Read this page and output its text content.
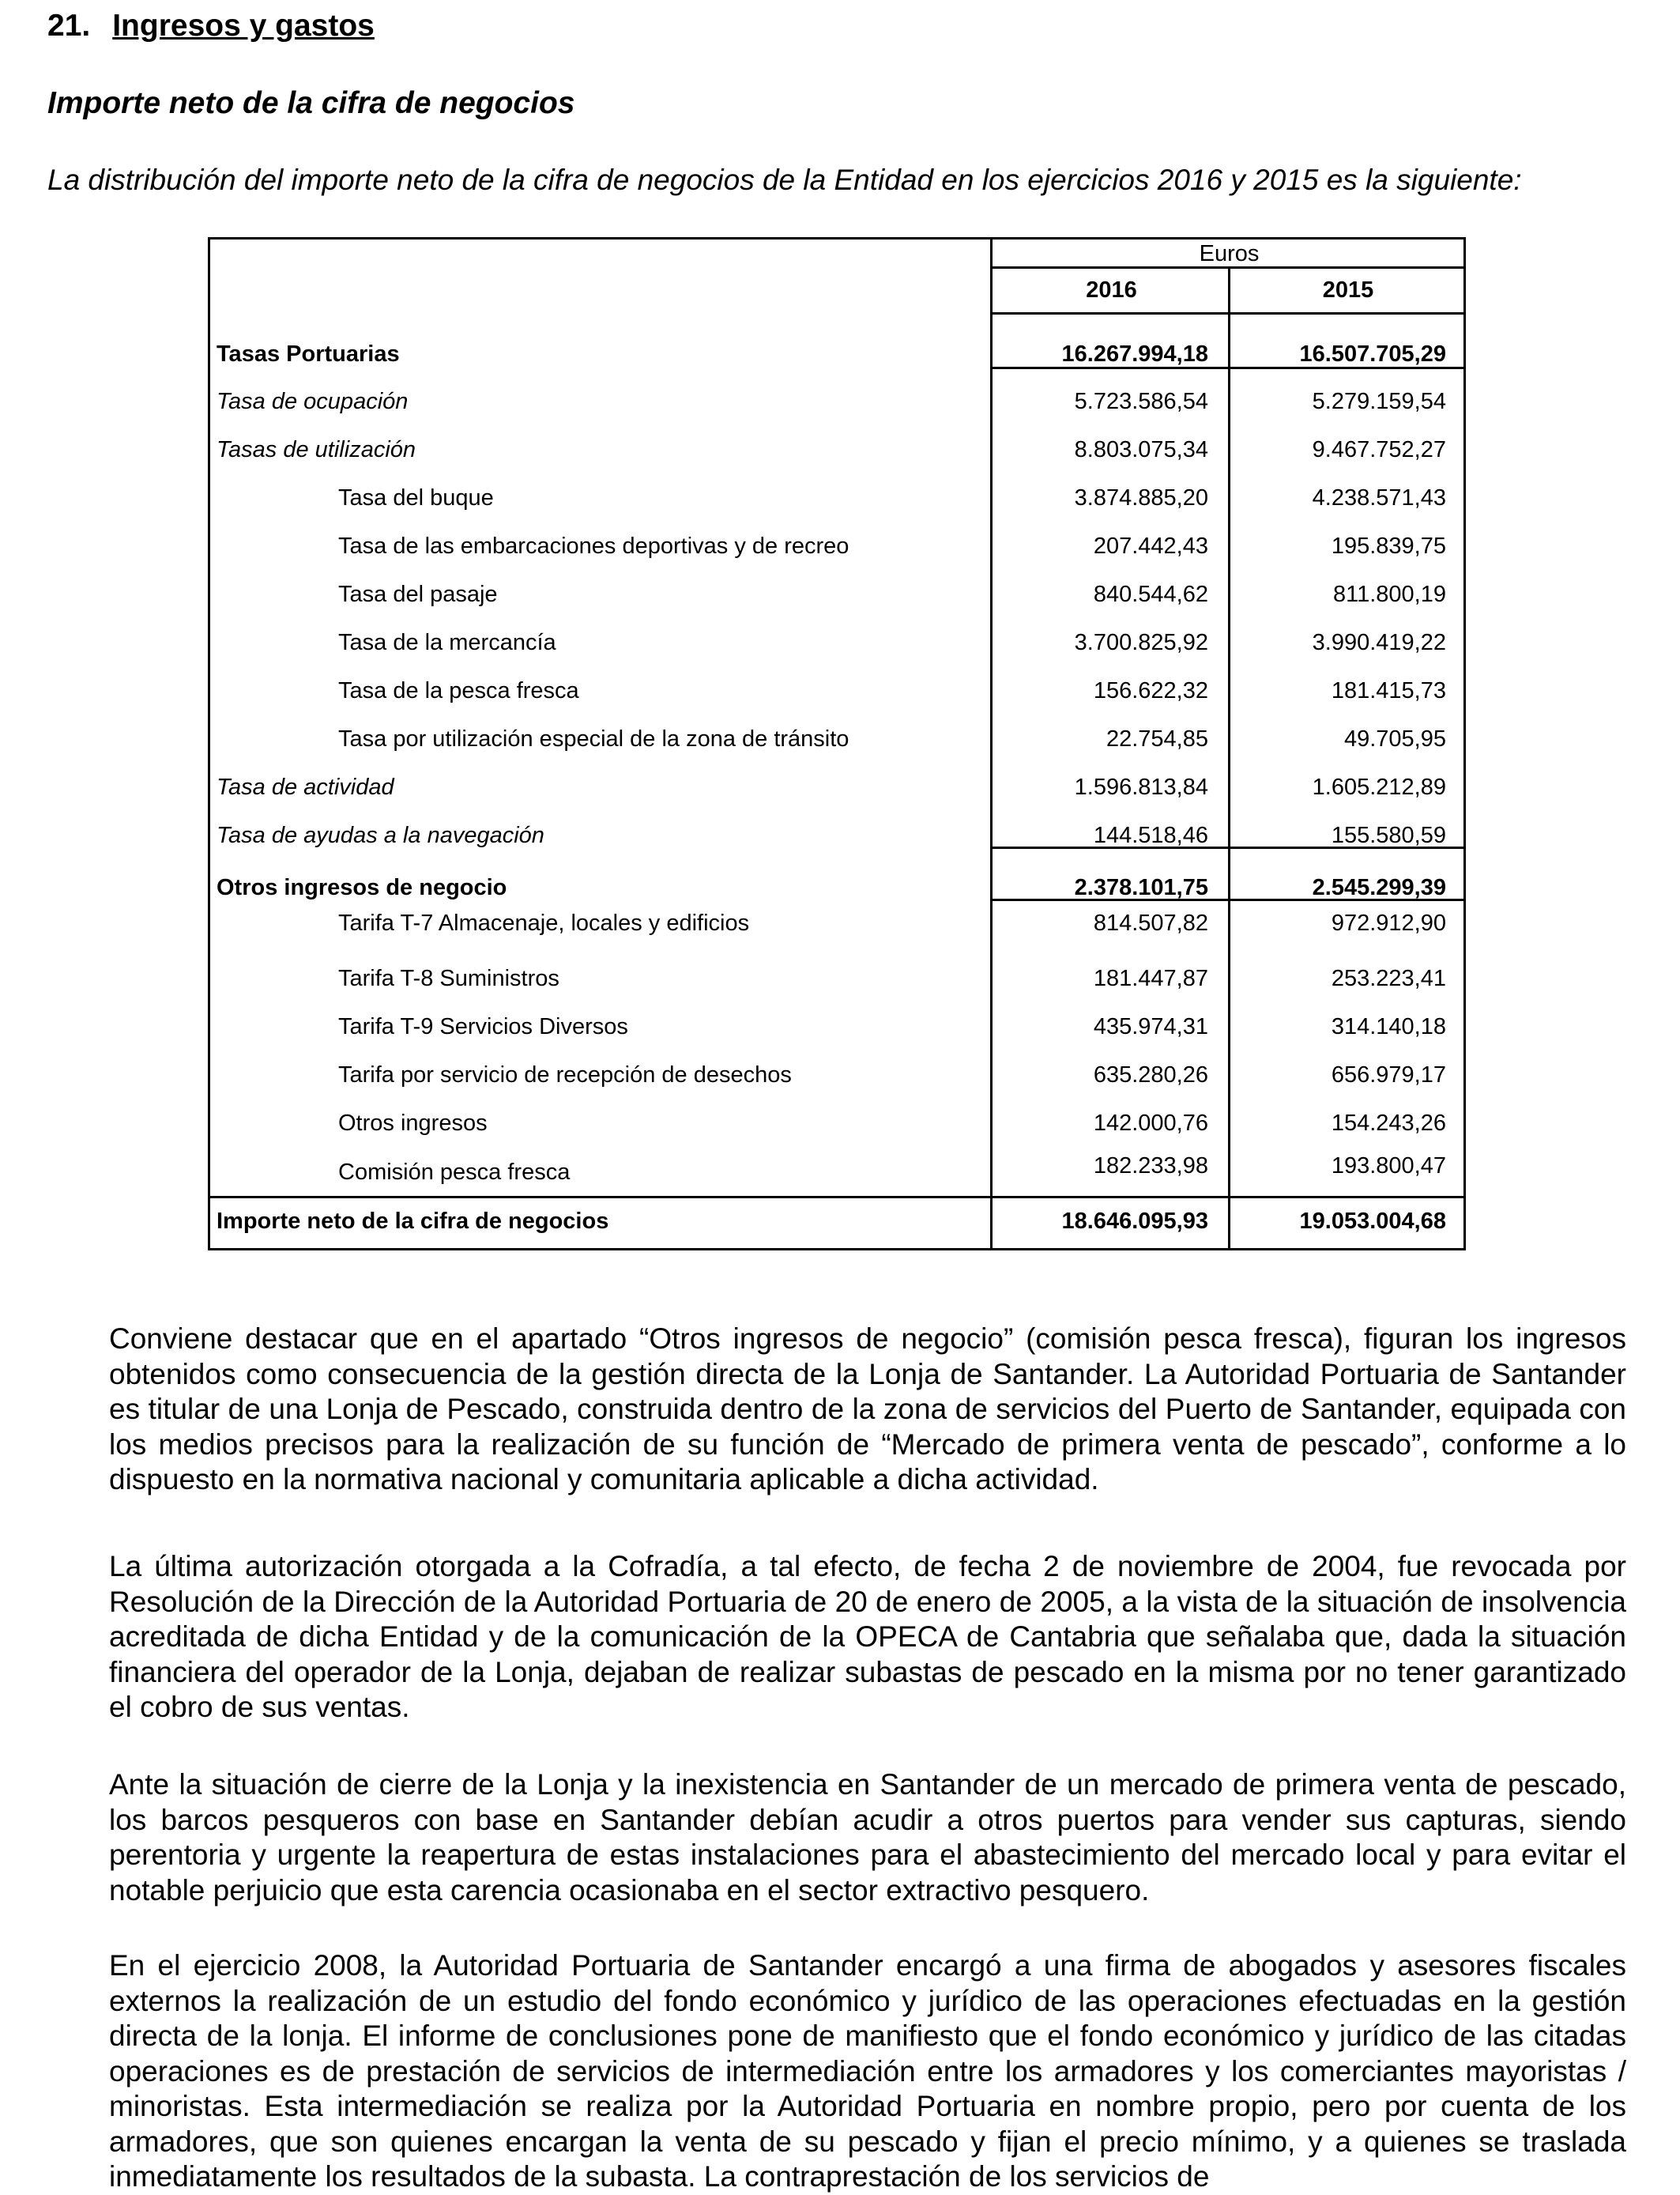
21. Ingresos y gastos
Importe neto de la cifra de negocios
La distribución del importe neto de la cifra de negocios de la Entidad en los ejercicios 2016 y 2015 es la siguiente:
Euros
2016	2015
Tasas Portuarias	16.267.994,18	16.507.705,29
Tasa de ocupación	5.723.586,54	5.279.159,54
Tasas de utilización	8.803.075,34	9.467.752,27
Tasa del buque	3.874.885,20	4.238.571,43
Tasa de las embarcaciones deportivas y de recreo	207.442,43	195.839,75
Tasa del pasaje	840.544,62	811.800,19
Tasa de la mercancía	3.700.825,92	3.990.419,22
Tasa de la pesca fresca	156.622,32	181.415,73
Tasa por utilización especial de la zona de tránsito	22.754,85	49.705,95
Tasa de actividad	1.596.813,84	1.605.212,89
Tasa de ayudas a la navegación	144.518,46	155.580,59
Otros ingresos de negocio	2.378.101,75	2.545.299,39
Tarifa T-7 Almacenaje, locales y edificios	814.507,82	972.912,90
Tarifa T-8 Suministros	181.447,87	253.223,41
Tarifa T-9 Servicios Diversos	435.974,31	314.140,18
Tarifa por servicio de recepción de desechos	635.280,26	656.979,17
Otros ingresos	142.000,76	154.243,26
Comisión pesca fresca	182.233,98	193.800,47
Importe neto de la cifra de negocios	18.646.095,93	19.053.004,68
Conviene destacar que en el apartado “Otros ingresos de negocio” (comisión pesca fresca), figuran los ingresos obtenidos como consecuencia de la gestión directa de la Lonja de Santander. La Autoridad Portuaria de Santander es titular de una Lonja de Pescado, construida dentro de la zona de servicios del Puerto de Santander, equipada con los medios precisos para la realización de su función de “Mercado de primera venta de pescado”, conforme a lo dispuesto en la normativa nacional y comunitaria aplicable a dicha actividad.
La última autorización otorgada a la Cofradía, a tal efecto, de fecha 2 de noviembre de 2004, fue revocada por Resolución de la Dirección de la Autoridad Portuaria de 20 de enero de 2005, a la vista de la situación de insolvencia acreditada de dicha Entidad y de la comunicación de la OPECA de Cantabria que señalaba que, dada la situación financiera del operador de la Lonja, dejaban de realizar subastas de pescado en la misma por no tener garantizado el cobro de sus ventas.
Ante la situación de cierre de la Lonja y la inexistencia en Santander de un mercado de primera venta de pescado, los barcos pesqueros con base en Santander debían acudir a otros puertos para vender sus capturas, siendo perentoria y urgente la reapertura de estas instalaciones para el abastecimiento del mercado local y para evitar el notable perjuicio que esta carencia ocasionaba en el sector extractivo pesquero.
En el ejercicio 2008, la Autoridad Portuaria de Santander encargó a una firma de abogados y asesores fiscales externos la realización de un estudio del fondo económico y jurídico de las operaciones efectuadas en la gestión directa de la lonja. El informe de conclusiones pone de manifiesto que el fondo económico y jurídico de las citadas operaciones es de prestación de servicios de intermediación entre los armadores y los comerciantes mayoristas / minoristas. Esta intermediación se realiza por la Autoridad Portuaria en nombre propio, pero por cuenta de los armadores, que son quienes encargan la venta de su pescado y fijan el precio mínimo, y a quienes se traslada inmediatamente los resultados de la subasta. La contraprestación de los servicios de
